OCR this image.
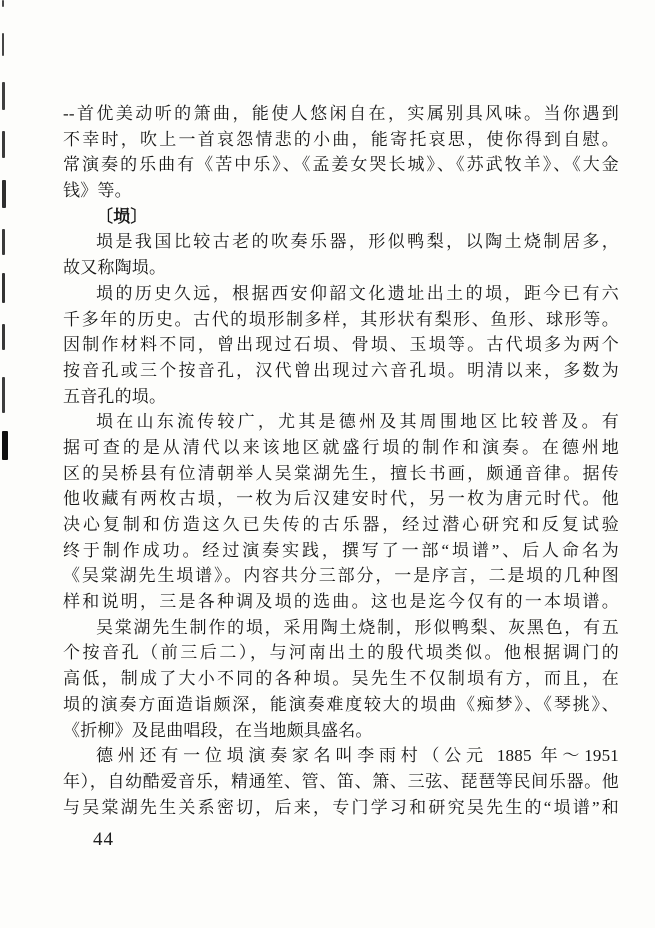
--首优美动听的箫曲，能使人悠闲自在，实属别具风味。当你遇到
不幸时，吹上一首哀怨情悲的小曲，能寄托哀思，使你得到自慰。
常演奏的乐曲有《苦中乐》、《孟姜女哭长城》、《苏武牧羊》、《大金
钱》等。
〔埙〕
埙是我国比较古老的吹奏乐器，形似鸭梨，以陶土烧制居多，
故又称陶埙。
埙的历史久远，根据西安仰韶文化遗址出土的埙，距今已有六
千多年的历史。古代的埙形制多样，其形状有梨形、鱼形、球形等。
因制作材料不同，曾出现过石埙、骨埙、玉埙等。古代埙多为两个
按音孔或三个按音孔，汉代曾出现过六音孔埙。明清以来，多数为
五音孔的埙。
埙在山东流传较广，尤其是德州及其周围地区比较普及。有
据可查的是从清代以来该地区就盛行埙的制作和演奏。在德州地
区的吴桥县有位清朝举人吴棠湖先生，擅长书画，颇通音律。据传
他收藏有两枚古埙，一枚为后汉建安时代，另一枚为唐元时代。他
决心复制和仿造这久已失传的古乐器，经过潜心研究和反复试验
终于制作成功。经过演奏实践，撰写了一部“埙谱”、后人命名为
《吴棠湖先生埙谱》。内容共分三部分，一是序言，二是埙的几种图
样和说明，三是各种调及埙的选曲。这也是迄今仅有的一本埙谱。
吴棠湖先生制作的埙，采用陶土烧制，形似鸭梨、灰黑色，有五
个按音孔（前三后二），与河南出土的殷代埙类似。他根据调门的
高低，制成了大小不同的各种埙。吴先生不仅制埙有方，而且，在
埙的演奏方面造诣颇深，能演奏难度较大的埙曲《痴梦》、《琴挑》、
《折柳》及昆曲唱段，在当地颇具盛名。
德州还有一位埙演奏家名叫李雨村（公元 1885 年～1951
年），自幼酷爱音乐，精通笙、管、笛、箫、三弦、琵琶等民间乐器。他
与吴棠湖先生关系密切，后来，专门学习和研究吴先生的“埙谱”和
44
